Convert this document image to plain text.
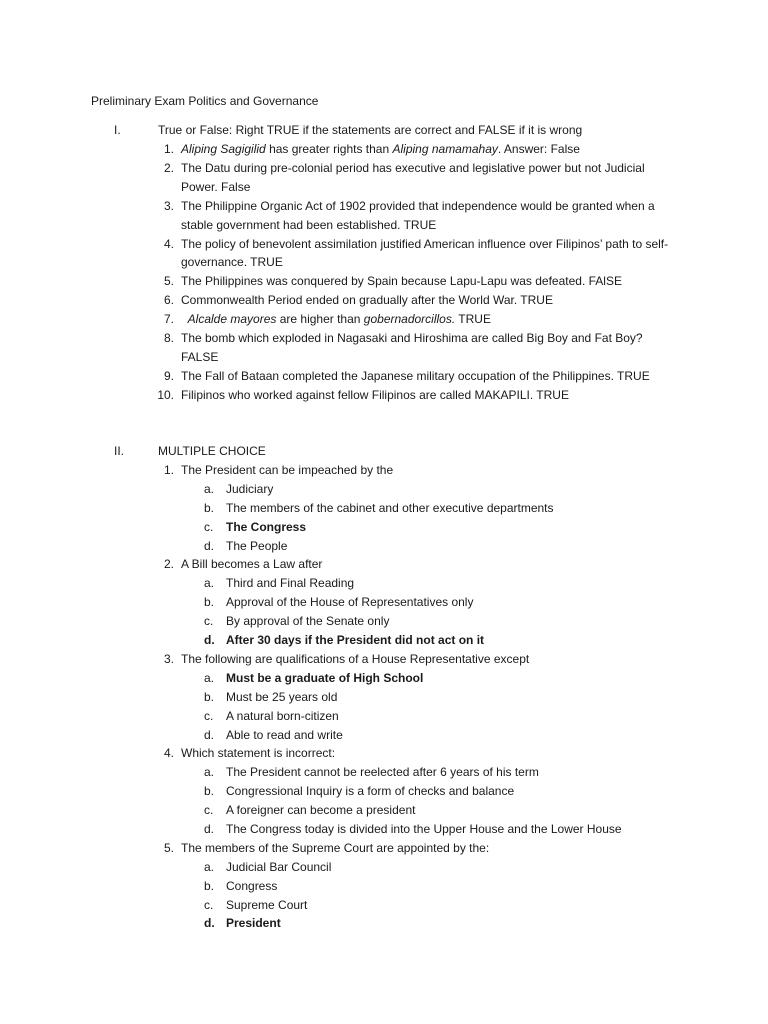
Preliminary Exam Politics and Governance
I.	True or False: Right TRUE if the statements are correct and FALSE if it is wrong
1. Aliping Sagigilid has greater rights than Aliping namamahay. Answer: False
2. The Datu during pre-colonial period has executive and legislative power but not Judicial Power. False
3. The Philippine Organic Act of 1902 provided that independence would be granted when a stable government had been established. TRUE
4. The policy of benevolent assimilation justified American influence over Filipinos’ path to self-governance. TRUE
5. The Philippines was conquered by Spain because Lapu-Lapu was defeated. FAlSE
6. Commonwealth Period ended on gradually after the World War. TRUE
7.	Alcalde mayores are higher than gobernadorcillos. TRUE
8. The bomb which exploded in Nagasaki and Hiroshima are called Big Boy and Fat Boy? FALSE
9. The Fall of Bataan completed the Japanese military occupation of the Philippines. TRUE
10. Filipinos who worked against fellow Filipinos are called MAKAPILI. TRUE
II.	MULTIPLE CHOICE
1. The President can be impeached by the
a. Judiciary
b. The members of the cabinet and other executive departments
c. The Congress
d. The People
2. A Bill becomes a Law after
a. Third and Final Reading
b. Approval of the House of Representatives only
c. By approval of the Senate only
d. After 30 days if the President did not act on it
3. The following are qualifications of a House Representative except
a. Must be a graduate of High School
b. Must be 25 years old
c. A natural born-citizen
d. Able to read and write
4. Which statement is incorrect:
a. The President cannot be reelected after 6 years of his term
b. Congressional Inquiry is a form of checks and balance
c. A foreigner can become a president
d. The Congress today is divided into the Upper House and the Lower House
5. The members of the Supreme Court are appointed by the:
a. Judicial Bar Council
b. Congress
c. Supreme Court
d. President
